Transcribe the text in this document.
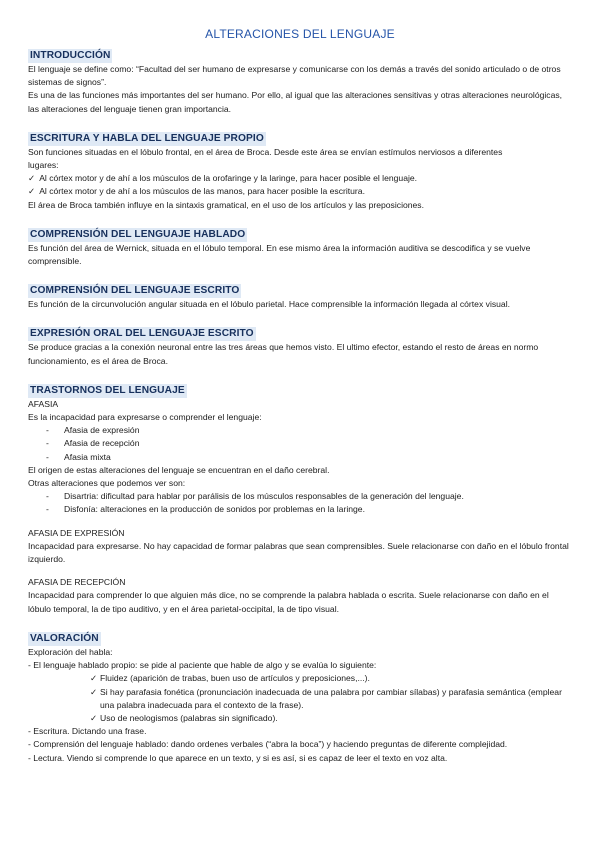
ALTERACIONES DEL LENGUAJE
INTRODUCCIÓN

El lenguaje se define como: “Facultad del ser humano de expresarse y comunicarse con los demás a través del sonido articulado o de otros sistemas de signos”.

Es una de las funciones más importantes del ser humano. Por ello, al igual que las alteraciones sensitivas y otras alteraciones neurológicas, las alteraciones del lenguaje tienen gran importancia.

ESCRITURA Y HABLA DEL LENGUAJE PROPIO

Son funciones situadas en el lóbulo frontal, en el área de Broca. Desde este área se envían estímulos nerviosos a diferentes

lugares:

✓ Al córtex motor y de ahí a los músculos de la orofaringe y la laringe, para hacer posible el lenguaje.

✓ Al córtex motor y de ahí a los músculos de las manos, para hacer posible la escritura.

El área de Broca también influye en la sintaxis gramatical, en el uso de los artículos y las preposiciones.

COMPRENSIÓN DEL LENGUAJE HABLADO

Es función del área de Wernick, situada en el lóbulo temporal. En ese mismo área la información auditiva se descodifica y se vuelve comprensible.

COMPRENSIÓN DEL LENGUAJE ESCRITO

Es función de la circunvolución angular situada en el lóbulo parietal. Hace comprensible la información llegada al córtex visual.

EXPRESIÓN ORAL DEL LENGUAJE ESCRITO

Se produce gracias a la conexión neuronal entre las tres áreas que hemos visto. El ultimo efector, estando el resto de áreas en normo funcionamiento, es el área de Broca.

TRASTORNOS DEL LENGUAJE

AFASIA

Es la incapacidad para expresarse o comprender el lenguaje:

- Afasia de expresión
- Afasia de recepción
- Afasia mixta

El origen de estas alteraciones del lenguaje se encuentran en el daño cerebral.

Otras alteraciones que podemos ver son:

- Disartria: dificultad para hablar por parálisis de los músculos responsables de la generación del lenguaje.
- Disfonía: alteraciones en la producción de sonidos por problemas en la laringe.

AFASIA DE EXPRESIÓN

Incapacidad para expresarse. No hay capacidad de formar palabras que sean comprensibles. Suele relacionarse con daño en el lóbulo frontal izquierdo.

AFASIA DE RECEPCIÓN

Incapacidad para comprender lo que alguien más dice, no se comprende la palabra hablada o escrita. Suele relacionarse con daño en el lóbulo temporal, la de tipo auditivo, y en el área parietal-occipital, la de tipo visual.

VALORACIÓN

Exploración del habla:

- El lenguaje hablado propio: se pide al paciente que hable de algo y se evalúa lo siguiente:

✓ Fluidez (aparición de trabas, buen uso de artículos y preposiciones,...).
✓ Si hay parafasia fonética (pronunciación inadecuada de una palabra por cambiar sílabas) y parafasia semántica (emplear una palabra inadecuada para el contexto de la frase).
✓ Uso de neologismos (palabras sin significado).

- Escritura. Dictando una frase.

- Comprensión del lenguaje hablado: dando ordenes verbales (“abra la boca”) y haciendo preguntas de diferente complejidad.

- Lectura. Viendo si comprende lo que aparece en un texto, y si es así, si es capaz de leer el texto en voz alta.
